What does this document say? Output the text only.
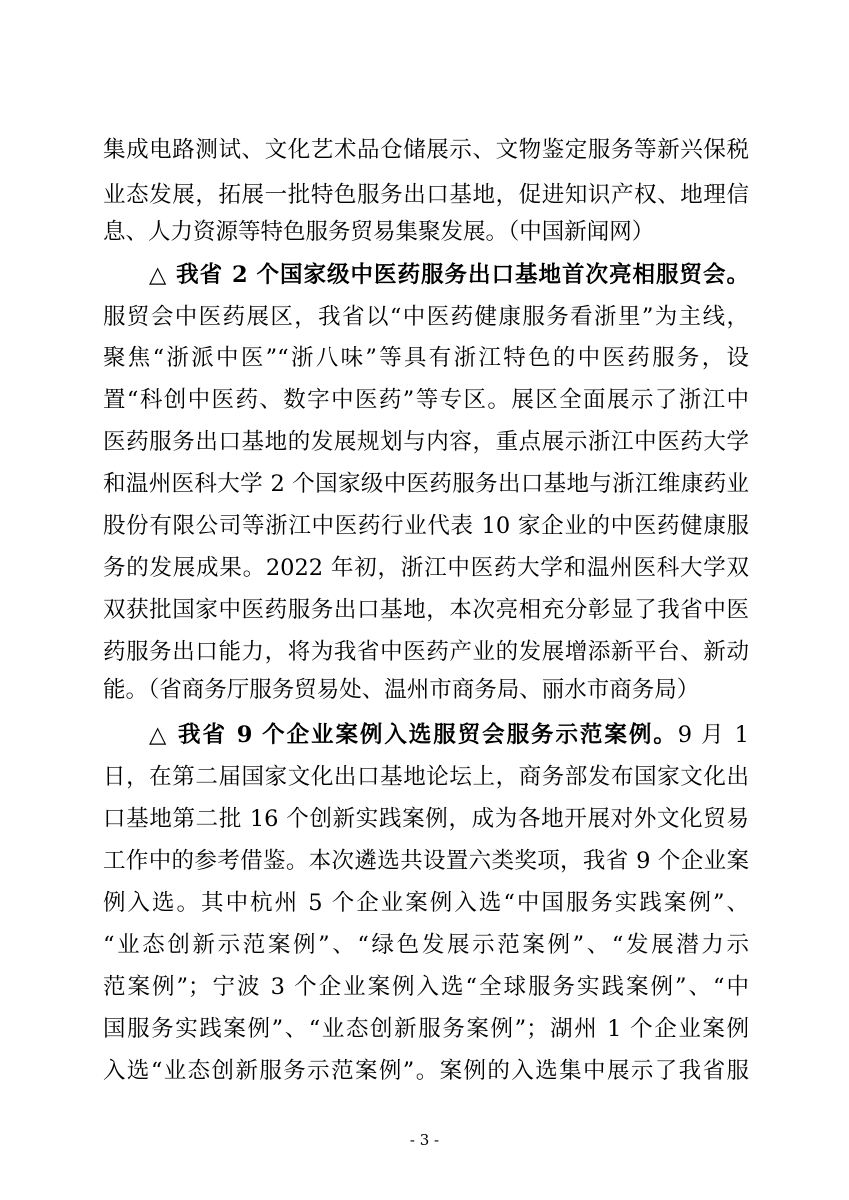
集成电路测试、文化艺术品仓储展示、文物鉴定服务等新兴保税
业态发展，拓展一批特色服务出口基地，促进知识产权、地理信
息、人力资源等特色服务贸易集聚发展。（中国新闻网）
△ 我省 2 个国家级中医药服务出口基地首次亮相服贸会。
服贸会中医药展区，我省以“中医药健康服务看浙里”为主线，
聚焦“浙派中医”“浙八味”等具有浙江特色的中医药服务，设
置“科创中医药、数字中医药”等专区。展区全面展示了浙江中
医药服务出口基地的发展规划与内容，重点展示浙江中医药大学
和温州医科大学 2 个国家级中医药服务出口基地与浙江维康药业
股份有限公司等浙江中医药行业代表 10 家企业的中医药健康服
务的发展成果。2022 年初，浙江中医药大学和温州医科大学双
双获批国家中医药服务出口基地，本次亮相充分彰显了我省中医
药服务出口能力，将为我省中医药产业的发展增添新平台、新动
能。（省商务厅服务贸易处、温州市商务局、丽水市商务局）
△ 我省 9 个企业案例入选服贸会服务示范案例。9 月 1
日，在第二届国家文化出口基地论坛上，商务部发布国家文化出
口基地第二批 16 个创新实践案例，成为各地开展对外文化贸易
工作中的参考借鉴。本次遴选共设置六类奖项，我省 9 个企业案
例入选。其中杭州 5 个企业案例入选“中国服务实践案例”、
“业态创新示范案例”、“绿色发展示范案例”、“发展潜力示
范案例”；宁波 3 个企业案例入选“全球服务实践案例”、“中
国服务实践案例”、“业态创新服务案例”；湖州 1 个企业案例
入选“业态创新服务示范案例”。案例的入选集中展示了我省服
- 3 -
